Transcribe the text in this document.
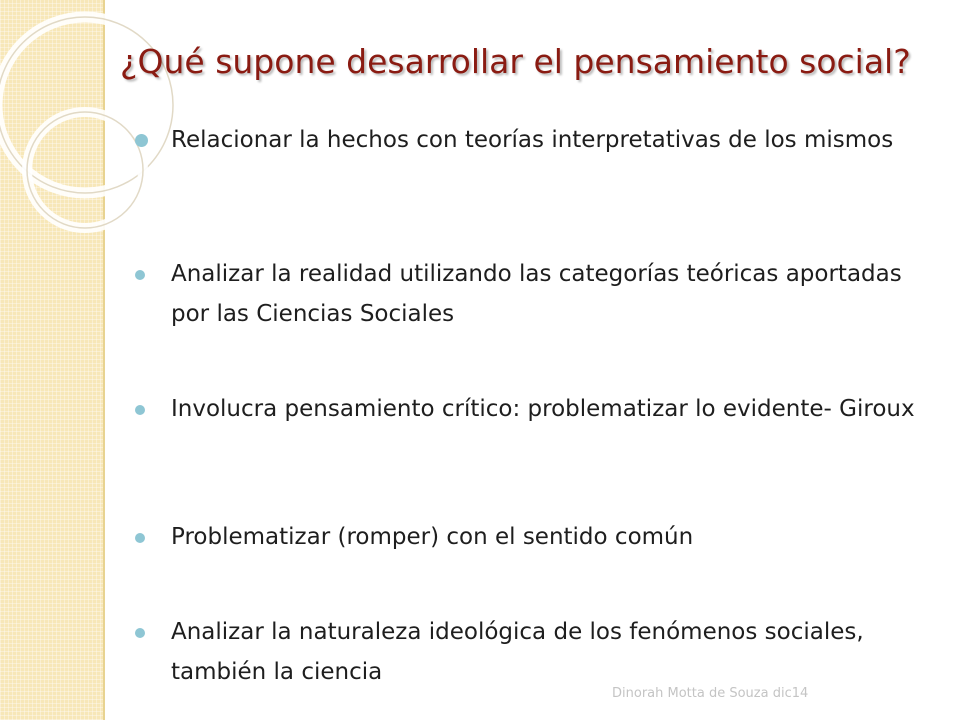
¿Qué supone desarrollar el pensamiento social?
Relacionar la hechos con teorías interpretativas de los mismos
Analizar la realidad utilizando las categorías teóricas aportadas por las Ciencias Sociales
Involucra pensamiento crítico: problematizar lo evidente- Giroux
Problematizar (romper) con el sentido común
Analizar la naturaleza ideológica de los fenómenos sociales, también la ciencia
Dinorah Motta de Souza dic14
